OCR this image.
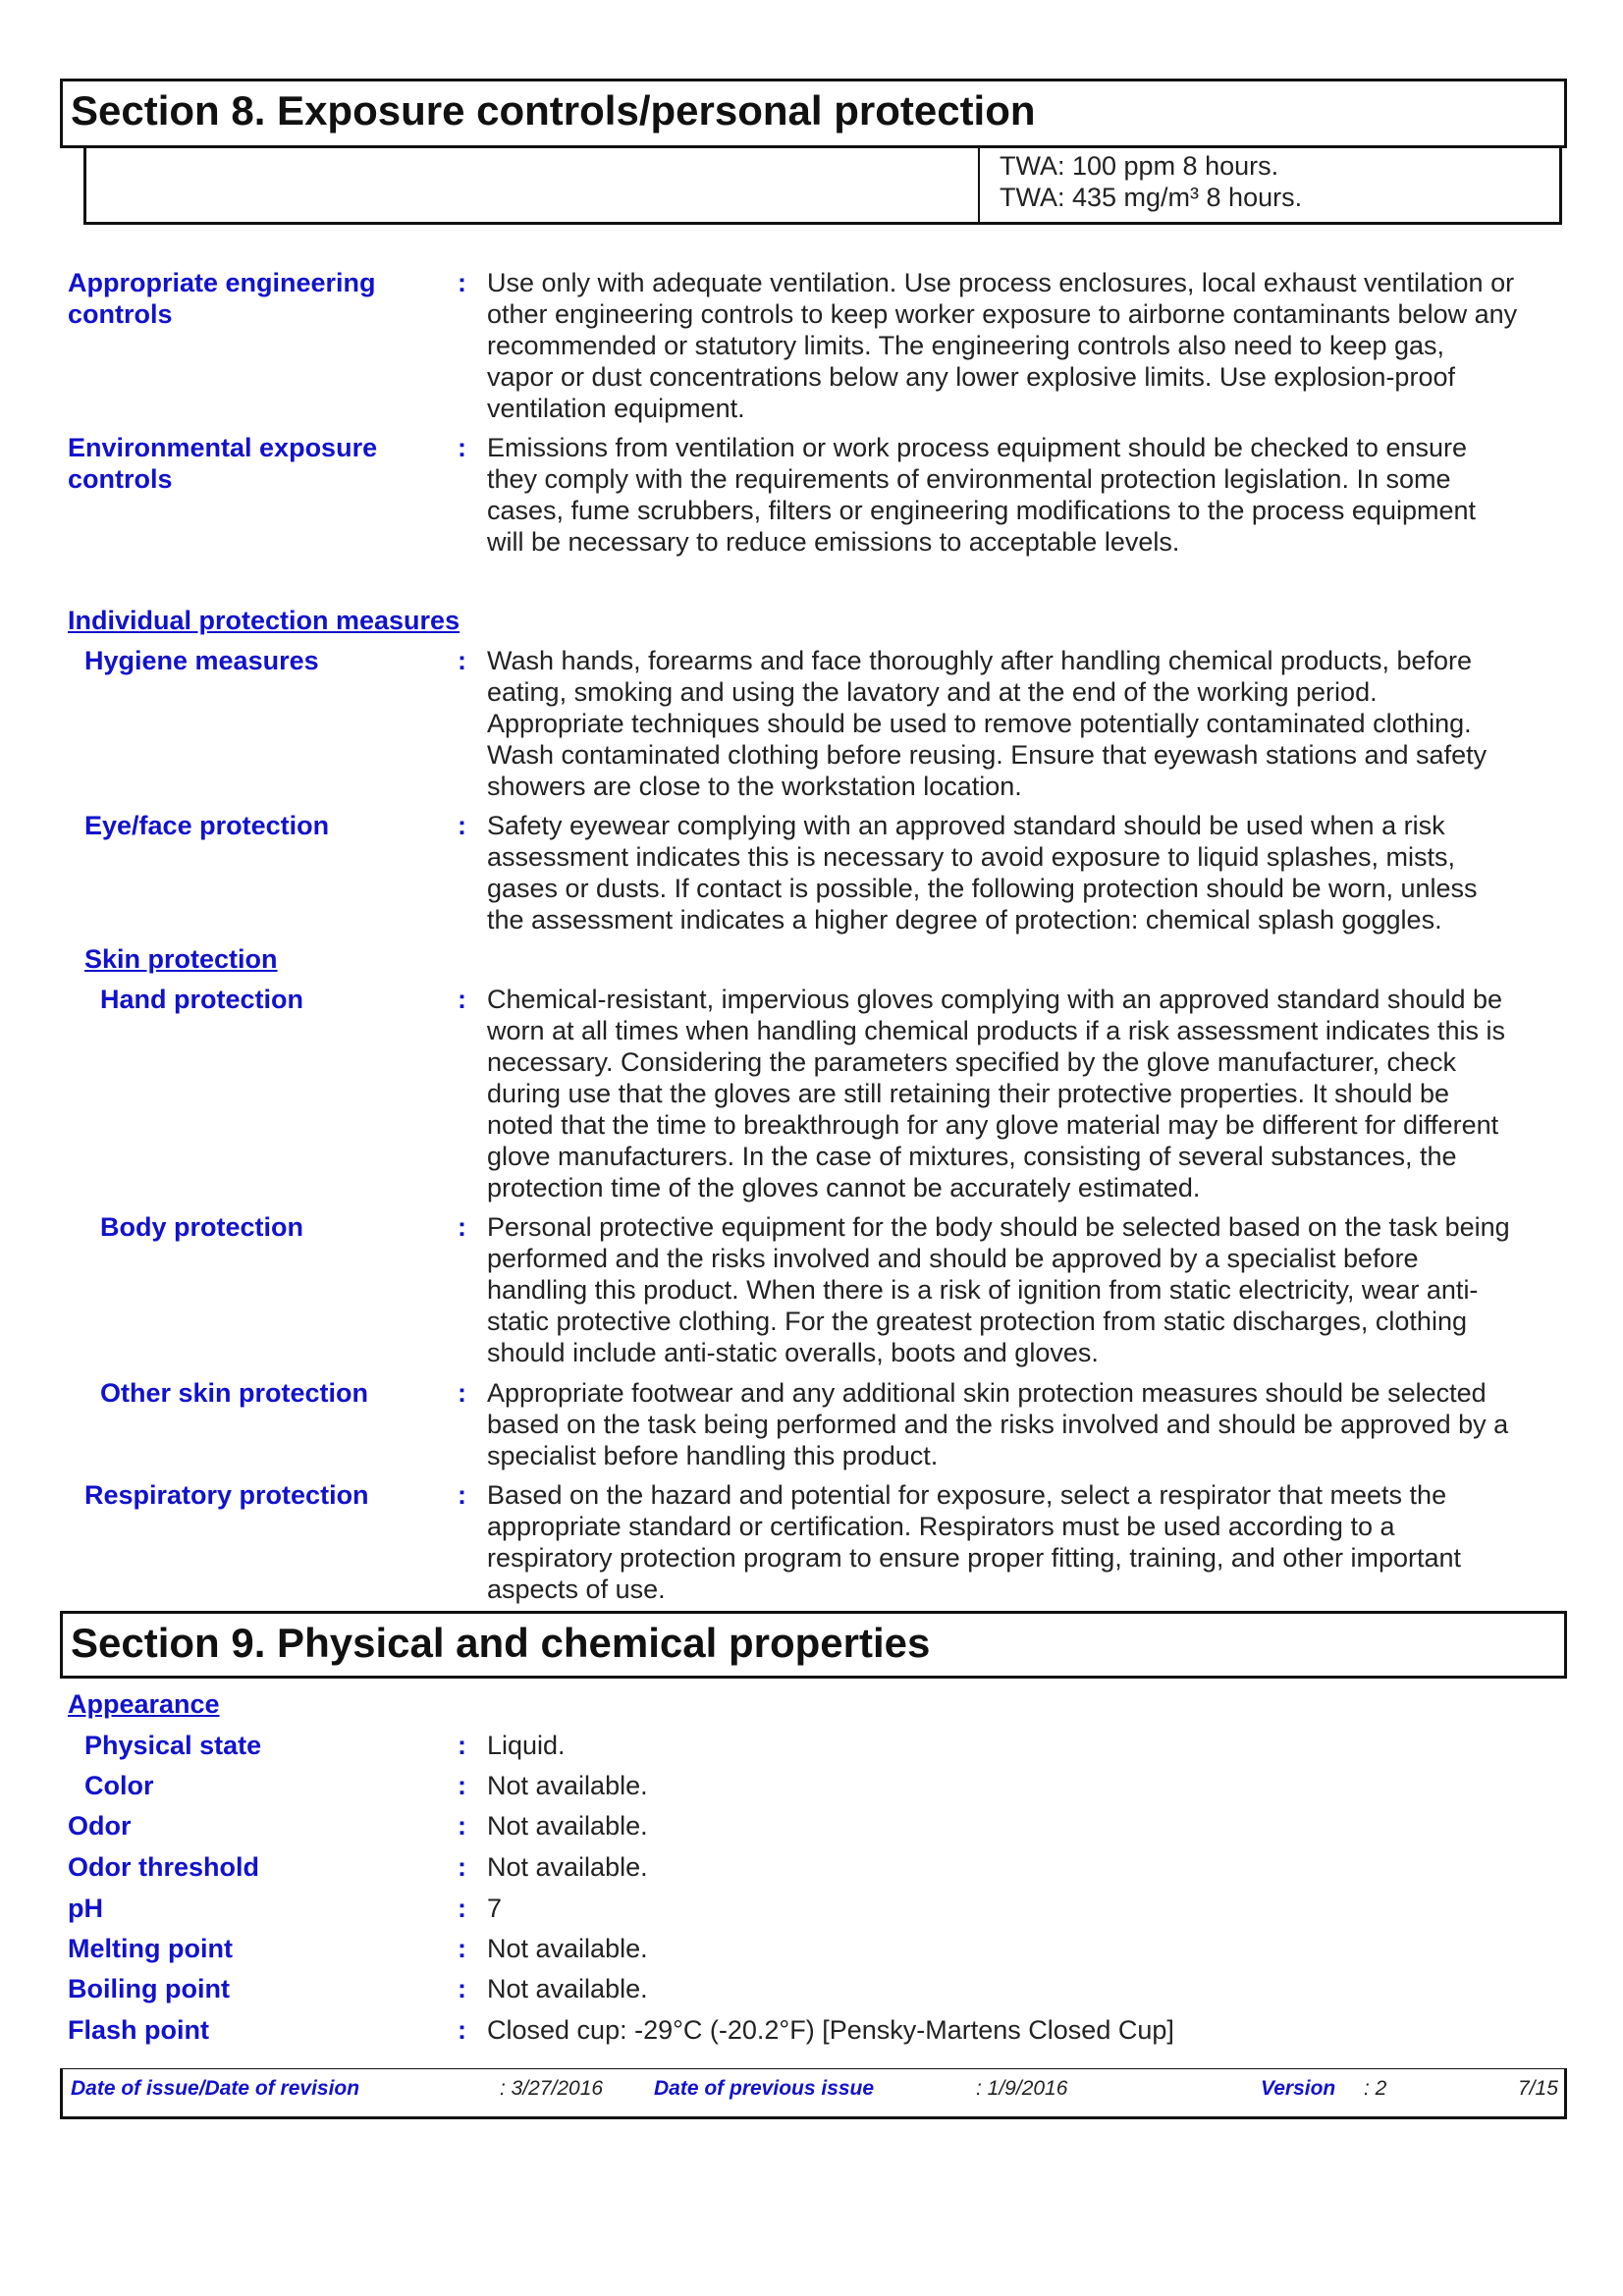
Section 8. Exposure controls/personal protection
TWA: 100 ppm 8 hours.
TWA: 435 mg/m³ 8 hours.
Appropriate engineering
controls
: Use only with adequate ventilation. Use process enclosures, local exhaust ventilation or
other engineering controls to keep worker exposure to airborne contaminants below any
recommended or statutory limits. The engineering controls also need to keep gas,
vapor or dust concentrations below any lower explosive limits. Use explosion-proof
ventilation equipment.
Environmental exposure
controls
: Emissions from ventilation or work process equipment should be checked to ensure
they comply with the requirements of environmental protection legislation. In some
cases, fume scrubbers, filters or engineering modifications to the process equipment
will be necessary to reduce emissions to acceptable levels.
Individual protection measures
Hygiene measures	: Wash hands, forearms and face thoroughly after handling chemical products, before
eating, smoking and using the lavatory and at the end of the working period.
Appropriate techniques should be used to remove potentially contaminated clothing.
Wash contaminated clothing before reusing. Ensure that eyewash stations and safety
showers are close to the workstation location.
Eye/face protection	: Safety eyewear complying with an approved standard should be used when a risk
assessment indicates this is necessary to avoid exposure to liquid splashes, mists,
gases or dusts. If contact is possible, the following protection should be worn, unless
the assessment indicates a higher degree of protection: chemical splash goggles.
Skin protection
Hand protection	: Chemical-resistant, impervious gloves complying with an approved standard should be
worn at all times when handling chemical products if a risk assessment indicates this is
necessary. Considering the parameters specified by the glove manufacturer, check
during use that the gloves are still retaining their protective properties. It should be
noted that the time to breakthrough for any glove material may be different for different
glove manufacturers. In the case of mixtures, consisting of several substances, the
protection time of the gloves cannot be accurately estimated.
Body protection	: Personal protective equipment for the body should be selected based on the task being
performed and the risks involved and should be approved by a specialist before
handling this product. When there is a risk of ignition from static electricity, wear anti-
static protective clothing. For the greatest protection from static discharges, clothing
should include anti-static overalls, boots and gloves.
Other skin protection	: Appropriate footwear and any additional skin protection measures should be selected
based on the task being performed and the risks involved and should be approved by a
specialist before handling this product.
Respiratory protection	: Based on the hazard and potential for exposure, select a respirator that meets the
appropriate standard or certification. Respirators must be used according to a
respiratory protection program to ensure proper fitting, training, and other important
aspects of use.
Section 9. Physical and chemical properties
Appearance
Physical state	: Liquid.
Color	: Not available.
Odor	: Not available.
Odor threshold	: Not available.
pH	: 7
Melting point	: Not available.
Boiling point	: Not available.
Flash point	: Closed cup: -29°C (-20.2°F) [Pensky-Martens Closed Cup]
Date of issue/Date of revision	: 3/27/2016 Date of previous issue	: 1/9/2016	Version : 2	7/15
